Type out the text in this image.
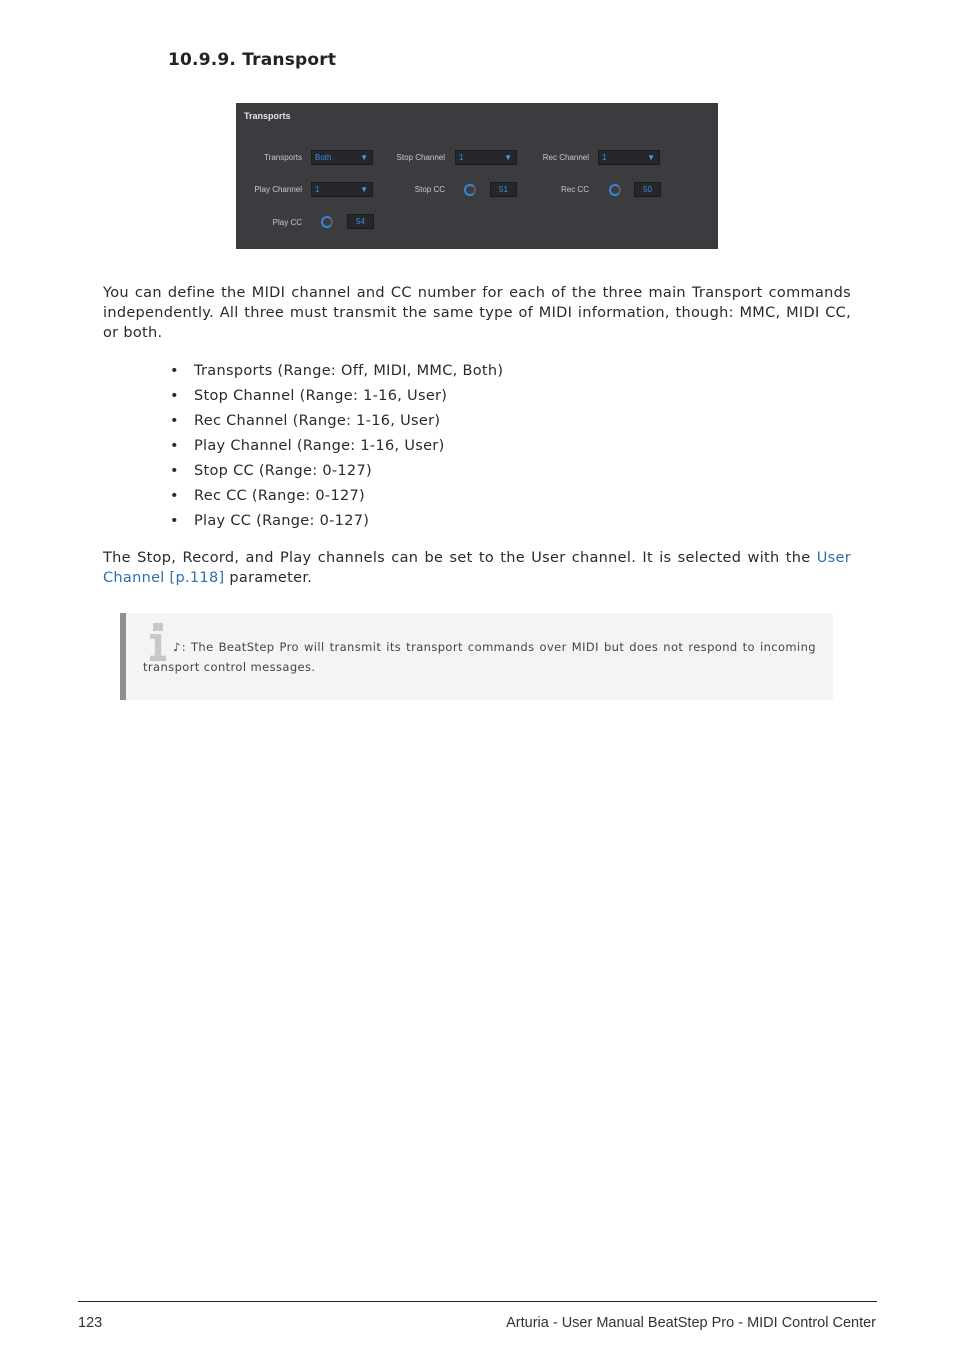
10.9.9. Transport
Transports
Transports	Both	▼	Stop Channel	1	▼	Rec Channel	1	▼
Play Channel	1	▼	Stop CC	51	Rec CC	50
Play CC	54
You can define the MIDI channel and CC number for each of the three main Transport commands independently. All three must transmit the same type of MIDI information, though: MMC, MIDI CC, or both.
• Transports (Range: Off, MIDI, MMC, Both)
• Stop Channel (Range: 1-16, User)
• Rec Channel (Range: 1-16, User)
• Play Channel (Range: 1-16, User)
• Stop CC (Range: 0-127)
• Rec CC (Range: 0-127)
• Play CC (Range: 0-127)
The Stop, Record, and Play channels can be set to the User channel. It is selected with the User Channel [p.118] parameter.
♪: The BeatStep Pro will transmit its transport commands over MIDI but does not respond to incoming transport control messages.
123	Arturia - User Manual BeatStep Pro - MIDI Control Center
